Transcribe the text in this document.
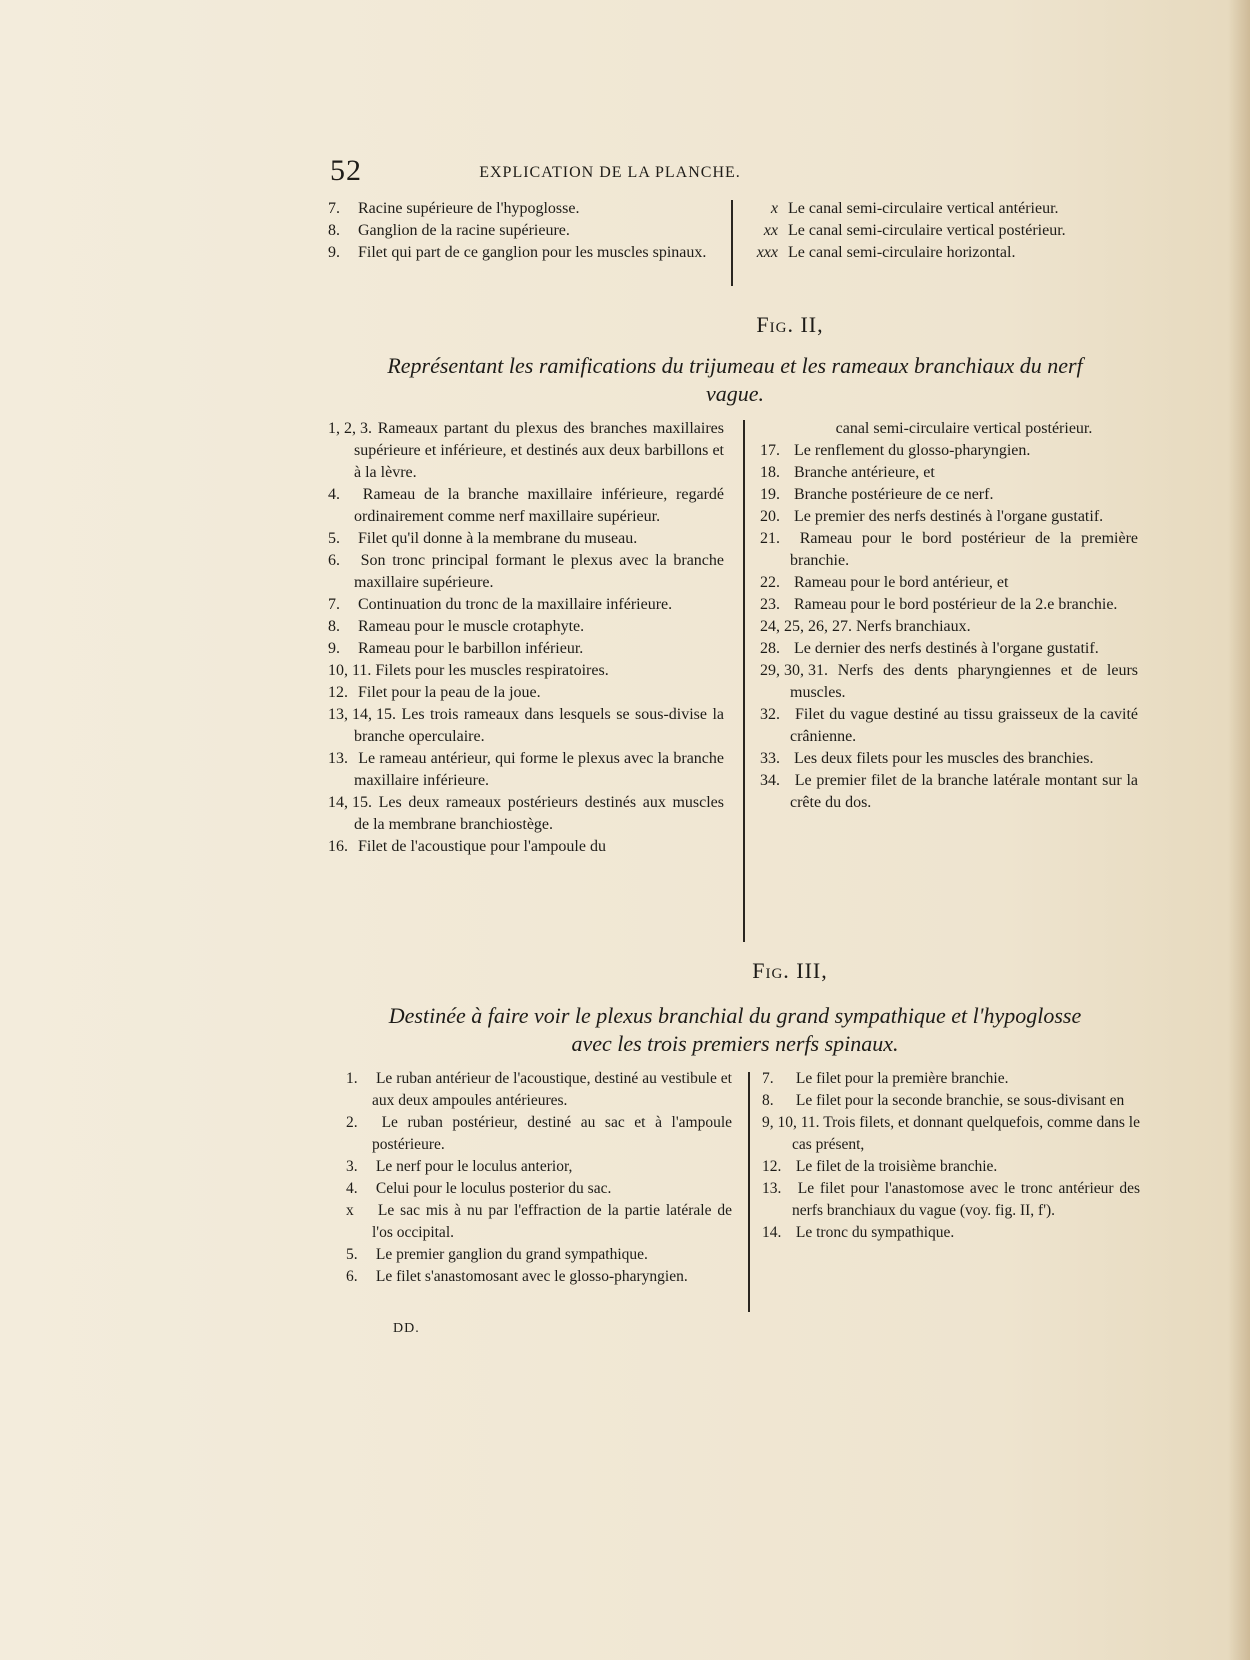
52	EXPLICATION DE LA PLANCHE.
7. Racine supérieure de l'hypoglosse.
8. Ganglion de la racine supérieure.
9. Filet qui part de ce ganglion pour les muscles spinaux.
x Le canal semi-circulaire vertical antérieur.
xx Le canal semi-circulaire vertical postérieur.
xxx Le canal semi-circulaire horizontal.
Fig. II,
Représentant les ramifications du trijumeau et les rameaux branchiaux du nerf
vague.
1, 2, 3. Rameaux partant du plexus des branches maxillaires supérieure et inférieure, et destinés aux deux barbillons et à la lèvre.
4. Rameau de la branche maxillaire inférieure, regardé ordinairement comme nerf maxillaire supérieur.
5. Filet qu'il donne à la membrane du museau.
6. Son tronc principal formant le plexus avec la branche maxillaire supérieure.
7. Continuation du tronc de la maxillaire inférieure.
8. Rameau pour le muscle crotaphyte.
9. Rameau pour le barbillon inférieur.
10, 11. Filets pour les muscles respiratoires.
12. Filet pour la peau de la joue.
13, 14, 15. Les trois rameaux dans lesquels se sous-divise la branche operculaire.
13. Le rameau antérieur, qui forme le plexus avec la branche maxillaire inférieure.
14, 15. Les deux rameaux postérieurs destinés aux muscles de la membrane branchiostège.
16. Filet de l'acoustique pour l'ampoule du
canal semi-circulaire vertical postérieur.
17. Le renflement du glosso-pharyngien.
18. Branche antérieure, et
19. Branche postérieure de ce nerf.
20. Le premier des nerfs destinés à l'organe gustatif.
21. Rameau pour le bord postérieur de la première branchie.
22. Rameau pour le bord antérieur, et
23. Rameau pour le bord postérieur de la 2.e branchie.
24, 25, 26, 27. Nerfs branchiaux.
28. Le dernier des nerfs destinés à l'organe gustatif.
29, 30, 31. Nerfs des dents pharyngiennes et de leurs muscles.
32. Filet du vague destiné au tissu graisseux de la cavité crânienne.
33. Les deux filets pour les muscles des branchies.
34. Le premier filet de la branche latérale montant sur la crête du dos.
Fig. III,
Destinée à faire voir le plexus branchial du grand sympathique et l'hypoglosse
avec les trois premiers nerfs spinaux.
1. Le ruban antérieur de l'acoustique, destiné au vestibule et aux deux ampoules antérieures.
2. Le ruban postérieur, destiné au sac et à l'ampoule postérieure.
3. Le nerf pour le loculus anterior,
4. Celui pour le loculus posterior du sac.
x Le sac mis à nu par l'effraction de la partie latérale de l'os occipital.
5. Le premier ganglion du grand sympathique.
6. Le filet s'anastomosant avec le glosso-pharyngien.
7. Le filet pour la première branchie.
8. Le filet pour la seconde branchie, se sous-divisant en
9, 10, 11. Trois filets, et donnant quelquefois, comme dans le cas présent,
12. Le filet de la troisième branchie.
13. Le filet pour l'anastomose avec le tronc antérieur des nerfs branchiaux du vague (voy. fig. II, f').
14. Le tronc du sympathique.
DD.
